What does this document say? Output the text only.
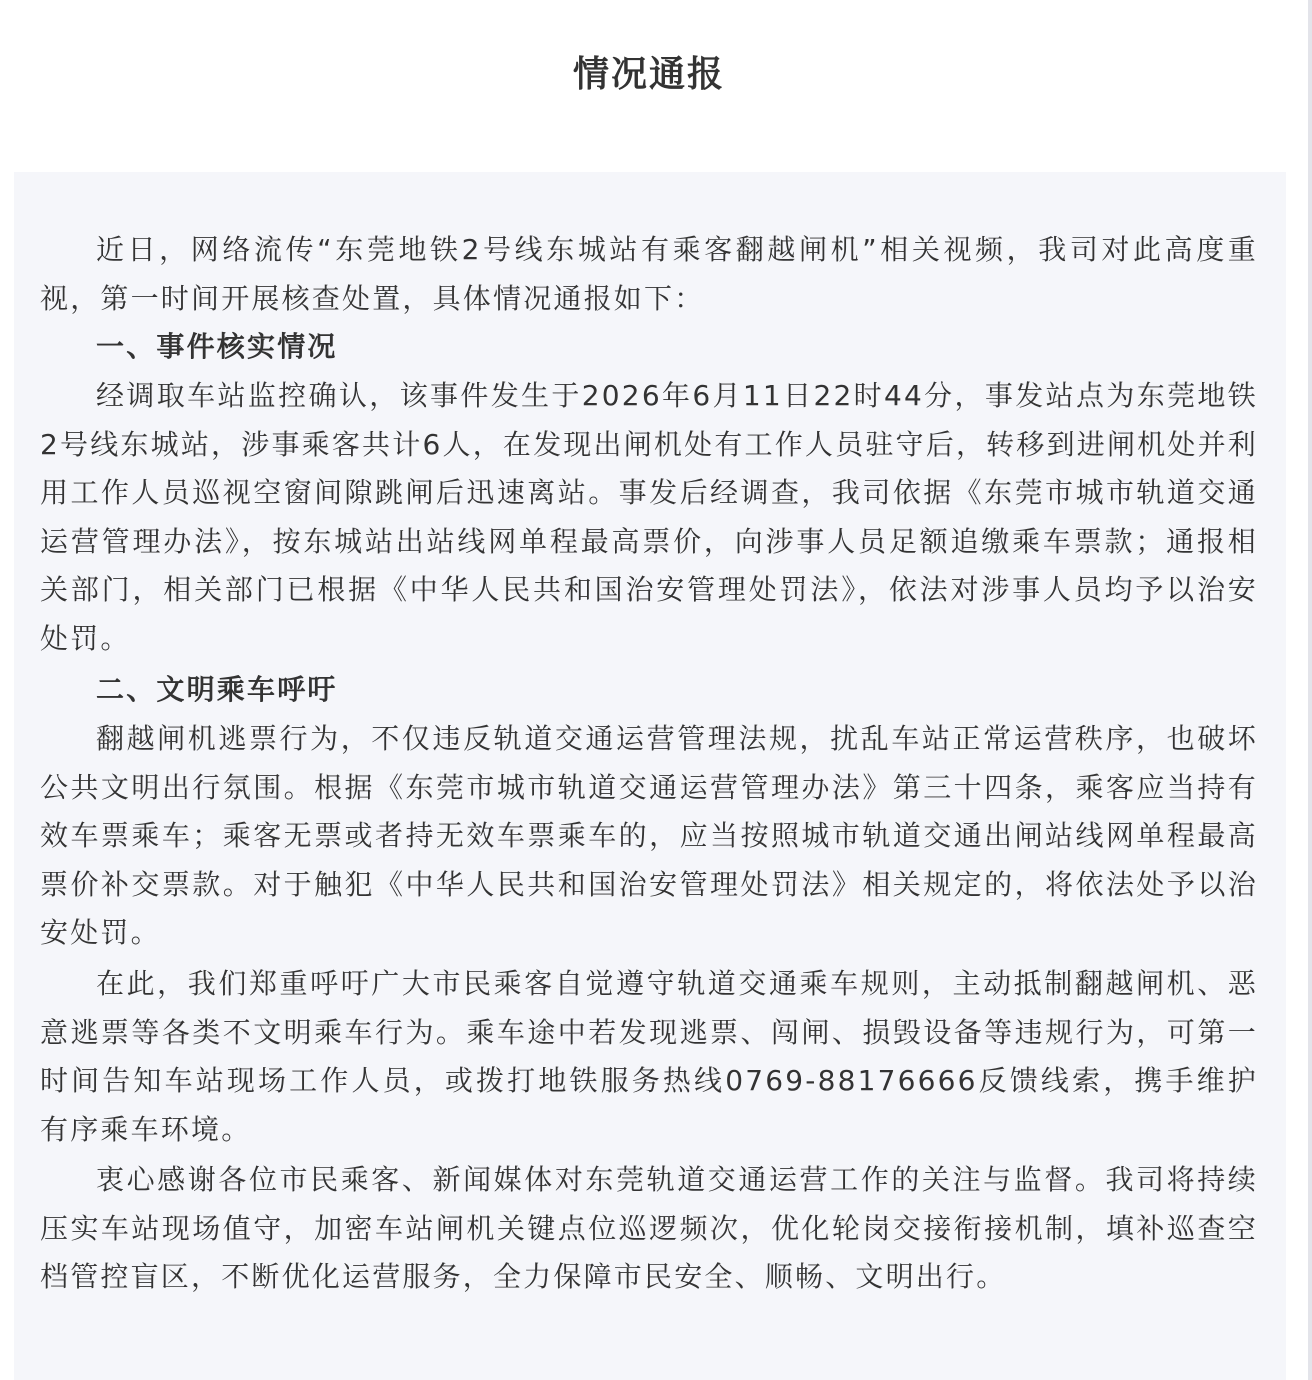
情况通报

近日，网络流传“东莞地铁2号线东城站有乘客翻越闸机”相关视频，我司对此高度重视，第一时间开展核查处置，具体情况通报如下：

一、事件核实情况

经调取车站监控确认，该事件发生于2026年6月11日22时44分，事发站点为东莞地铁2号线东城站，涉事乘客共计6人，在发现出闸机处有工作人员驻守后，转移到进闸机处并利用工作人员巡视空窗间隙跳闸后迅速离站。事发后经调查，我司依据《东莞市城市轨道交通运营管理办法》，按东城站出站线网单程最高票价，向涉事人员足额追缴乘车票款；通报相关部门，相关部门已根据《中华人民共和国治安管理处罚法》，依法对涉事人员均予以治安处罚。

二、文明乘车呼吁

翻越闸机逃票行为，不仅违反轨道交通运营管理法规，扰乱车站正常运营秩序，也破坏公共文明出行氛围。根据《东莞市城市轨道交通运营管理办法》第三十四条，乘客应当持有效车票乘车；乘客无票或者持无效车票乘车的，应当按照城市轨道交通出闸站线网单程最高票价补交票款。对于触犯《中华人民共和国治安管理处罚法》相关规定的，将依法处予以治安处罚。

在此，我们郑重呼吁广大市民乘客自觉遵守轨道交通乘车规则，主动抵制翻越闸机、恶意逃票等各类不文明乘车行为。乘车途中若发现逃票、闯闸、损毁设备等违规行为，可第一时间告知车站现场工作人员，或拨打地铁服务热线0769-88176666反馈线索，携手维护有序乘车环境。

衷心感谢各位市民乘客、新闻媒体对东莞轨道交通运营工作的关注与监督。我司将持续压实车站现场值守，加密车站闸机关键点位巡逻频次，优化轮岗交接衔接机制，填补巡查空档管控盲区，不断优化运营服务，全力保障市民安全、顺畅、文明出行。
